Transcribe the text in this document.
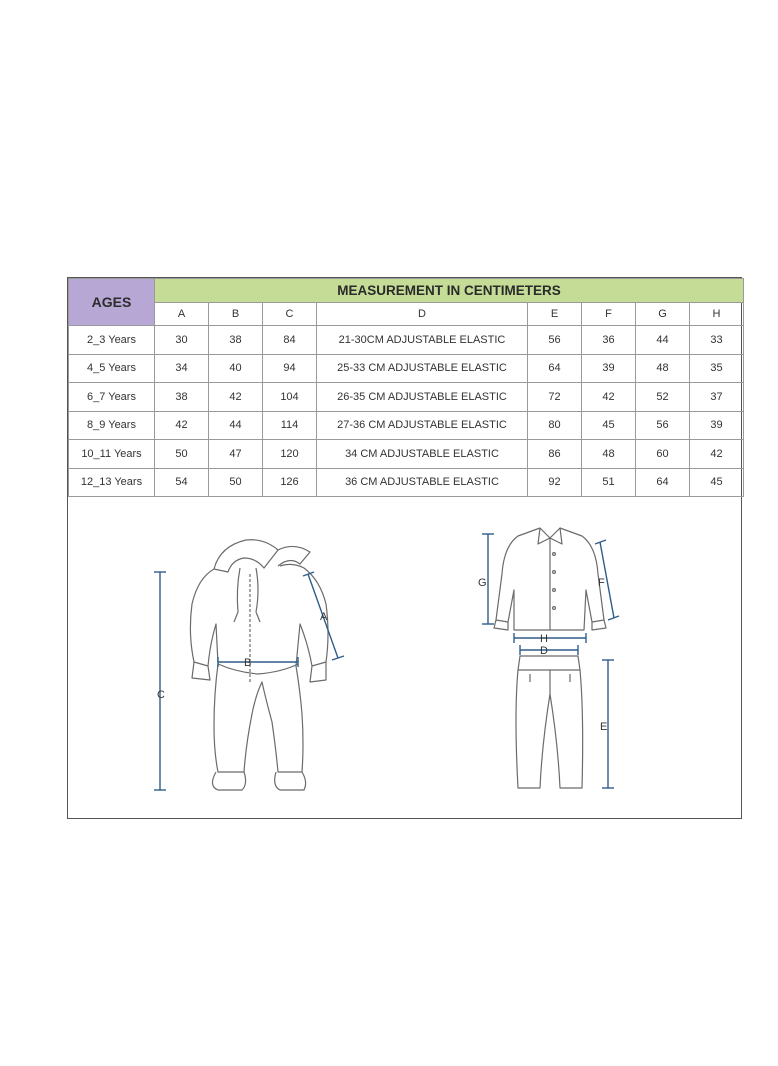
AGES	MEASUREMENT IN CENTIMETERS							
	A	B	C	D	E	F	G	H
2_3 Years	30	38	84	21-30CM ADJUSTABLE ELASTIC	56	36	44	33
4_5 Years	34	40	94	25-33 CM ADJUSTABLE ELASTIC	64	39	48	35
6_7 Years	38	42	104	26-35 CM ADJUSTABLE ELASTIC	72	42	52	37
8_9 Years	42	44	114	27-36 CM ADJUSTABLE ELASTIC	80	45	56	39
10_11 Years	50	47	120	34 CM ADJUSTABLE ELASTIC	86	48	60	42
12_13 Years	54	50	126	36 CM ADJUSTABLE ELASTIC	92	51	64	45
C
A
B
G	F
H
D
E
